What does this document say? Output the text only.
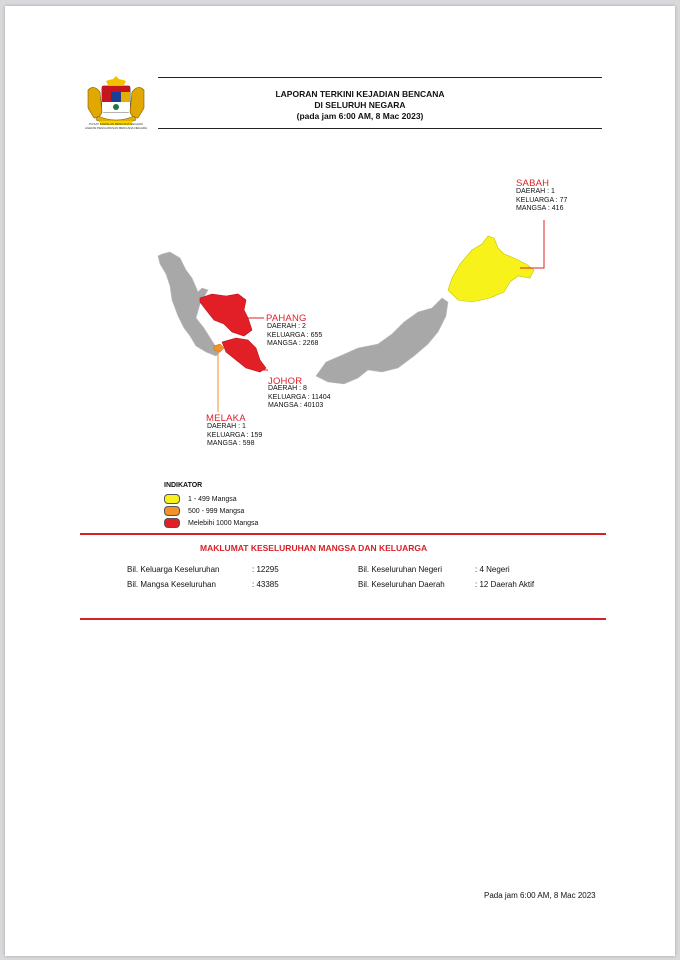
PUSAT KAWALAN BENCANA NEGARA
AGENSI PENGURUSAN BENCANA NEGARA
LAPORAN TERKINI KEJADIAN BENCANA
DI SELURUH NEGARA
(pada jam 6:00 AM, 8 Mac 2023)
SABAH
DAERAH : 1
KELUARGA : 77
MANGSA : 416
PAHANG
DAERAH : 2
KELUARGA : 655
MANGSA : 2268
JOHOR
DAERAH : 8
KELUARGA : 11404
MANGSA : 40103
MELAKA
DAERAH : 1
KELUARGA : 159
MANGSA : 598
INDIKATOR
1 - 499 Mangsa
500 - 999 Mangsa
Melebihi 1000 Mangsa
MAKLUMAT KESELURUHAN MANGSA DAN KELUARGA
Bil. Keluarga Keseluruhan	: 12295
Bil. Mangsa Keseluruhan	: 43385
Bil. Keseluruhan Negeri	: 4 Negeri
Bil. Keseluruhan Daerah	: 12 Daerah Aktif
Pada jam 6:00 AM, 8 Mac 2023
